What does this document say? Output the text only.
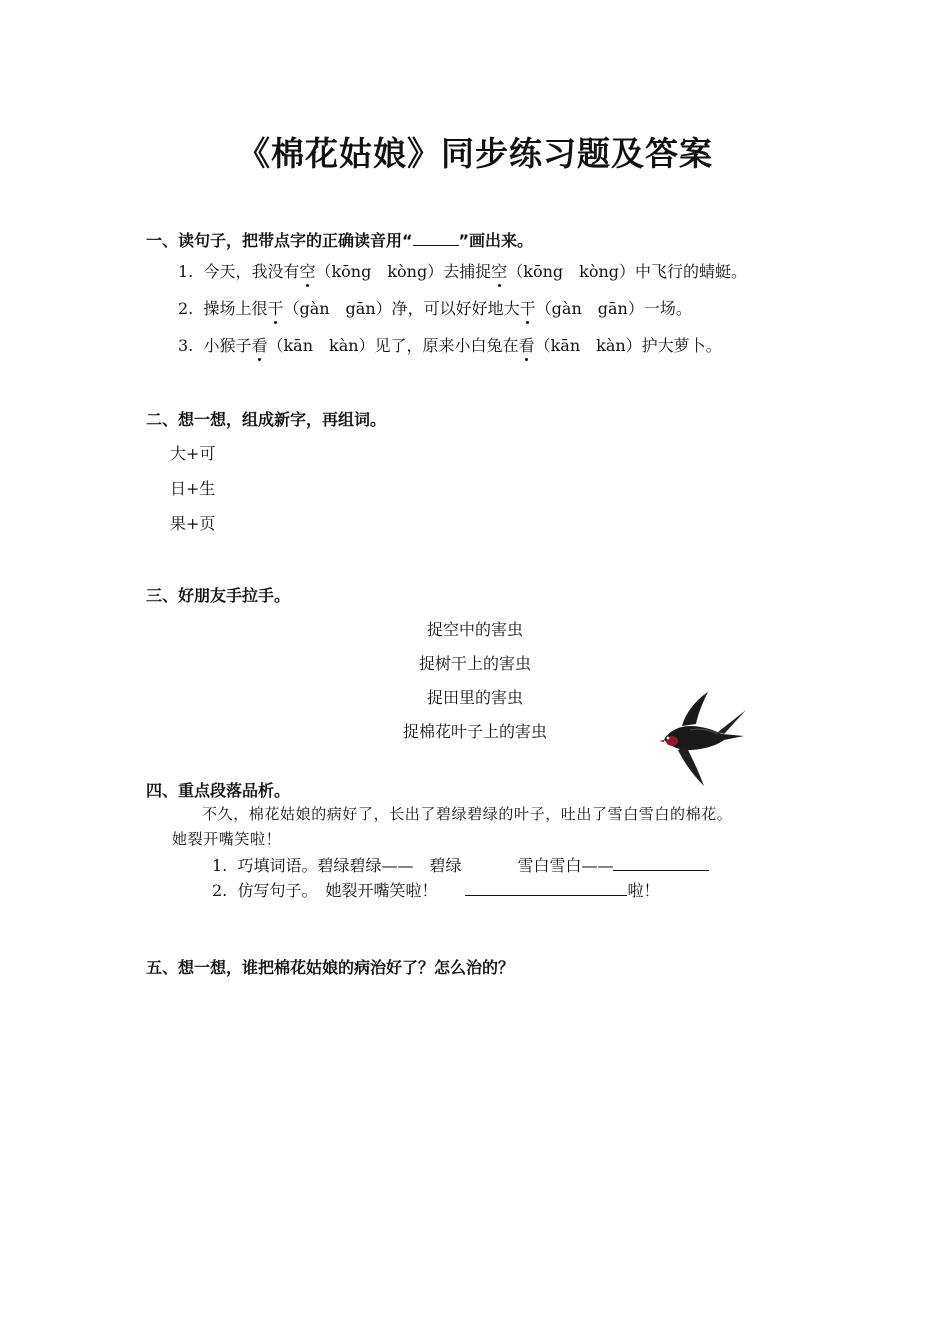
《棉花姑娘》同步练习题及答案
一、读句子，把带点字的正确读音用“	”画出来。
1. 今天，我没有空（kōng　kòng）去捕捉空（kōng　kòng）中飞行的蜻蜓。
2. 操场上很干（gàn　gān）净，可以好好地大干（gàn　gān）一场。
3. 小猴子看（kān　kàn）见了，原来小白兔在看（kān　kàn）护大萝卜。
二、想一想，组成新字，再组词。
大+可
日+生
果+页
三、好朋友手拉手。
捉空中的害虫
捉树干上的害虫
捉田里的害虫
捉棉花叶子上的害虫
四、重点段落品析。
不久，棉花姑娘的病好了，长出了碧绿碧绿的叶子，吐出了雪白雪白的棉花。
她裂开嘴笑啦！
1. 巧填词语。碧绿碧绿——　碧绿	雪白雪白——
2. 仿写句子。　她裂开嘴笑啦！	啦！
五、想一想，谁把棉花姑娘的病治好了？怎么治的？
